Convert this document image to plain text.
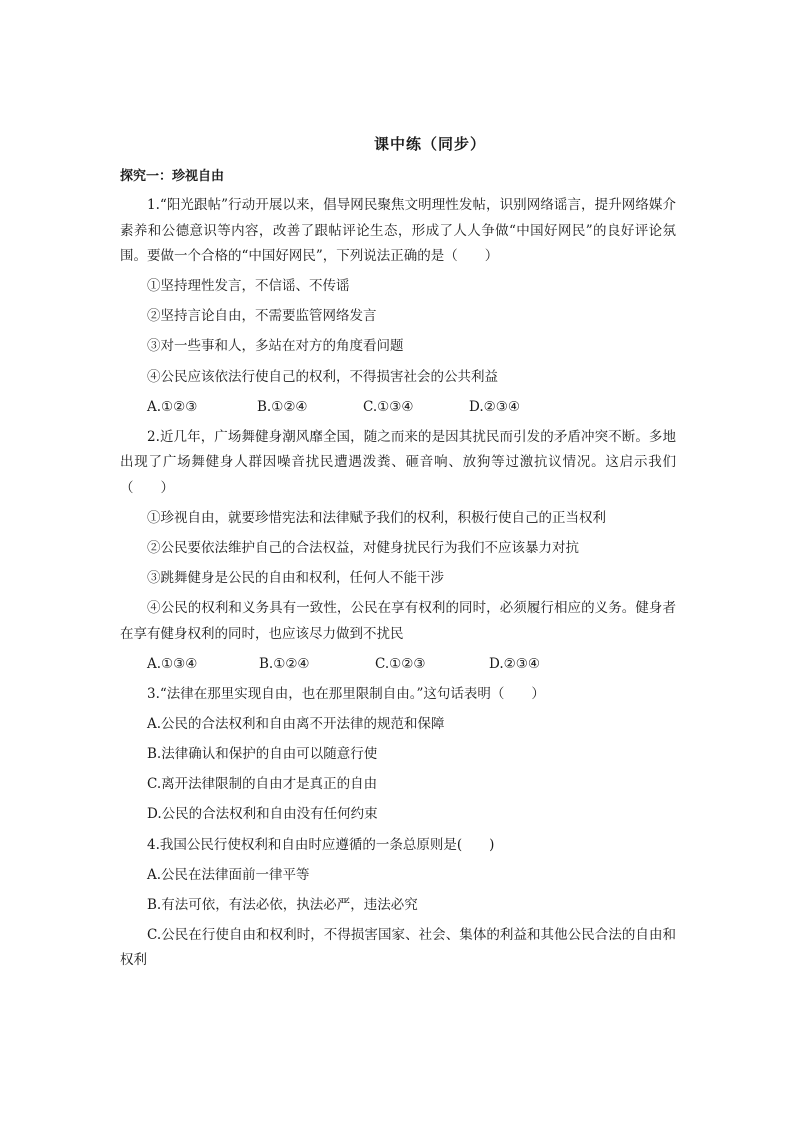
课中练（同步）
探究一：珍视自由

1.“阳光跟帖”行动开展以来，倡导网民聚焦文明理性发帖，识别网络谣言，提升网络媒介素养和公德意识等内容，改善了跟帖评论生态，形成了人人争做“中国好网民”的良好评论氛围。要做一个合格的“中国好网民”，下列说法正确的是（　　）

①坚持理性发言，不信谣、不传谣

②坚持言论自由，不需要监管网络发言

③对一些事和人，多站在对方的角度看问题

④公民应该依法行使自己的权利，不得损害社会的公共利益

A.①②③	B.①②④	C.①③④	D.②③④

2.近几年，广场舞健身潮风靡全国，随之而来的是因其扰民而引发的矛盾冲突不断。多地出现了广场舞健身人群因噪音扰民遭遇泼粪、砸音响、放狗等过激抗议情况。这启示我们（　　）

①珍视自由，就要珍惜宪法和法律赋予我们的权利，积极行使自己的正当权利

②公民要依法维护自己的合法权益，对健身扰民行为我们不应该暴力对抗

③跳舞健身是公民的自由和权利，任何人不能干涉

④公民的权利和义务具有一致性，公民在享有权利的同时，必须履行相应的义务。健身者在享有健身权利的同时，也应该尽力做到不扰民

A.①③④	B.①②④	C.①②③	D.②③④

3.“法律在那里实现自由，也在那里限制自由。”这句话表明（　　）

A.公民的合法权利和自由离不开法律的规范和保障

B.法律确认和保护的自由可以随意行使

C.离开法律限制的自由才是真正的自由

D.公民的合法权利和自由没有任何约束

4.我国公民行使权利和自由时应遵循的一条总原则是(　　)

A.公民在法律面前一律平等

B.有法可依，有法必依，执法必严，违法必究

C.公民在行使自由和权利时，不得损害国家、社会、集体的利益和其他公民合法的自由和权利
